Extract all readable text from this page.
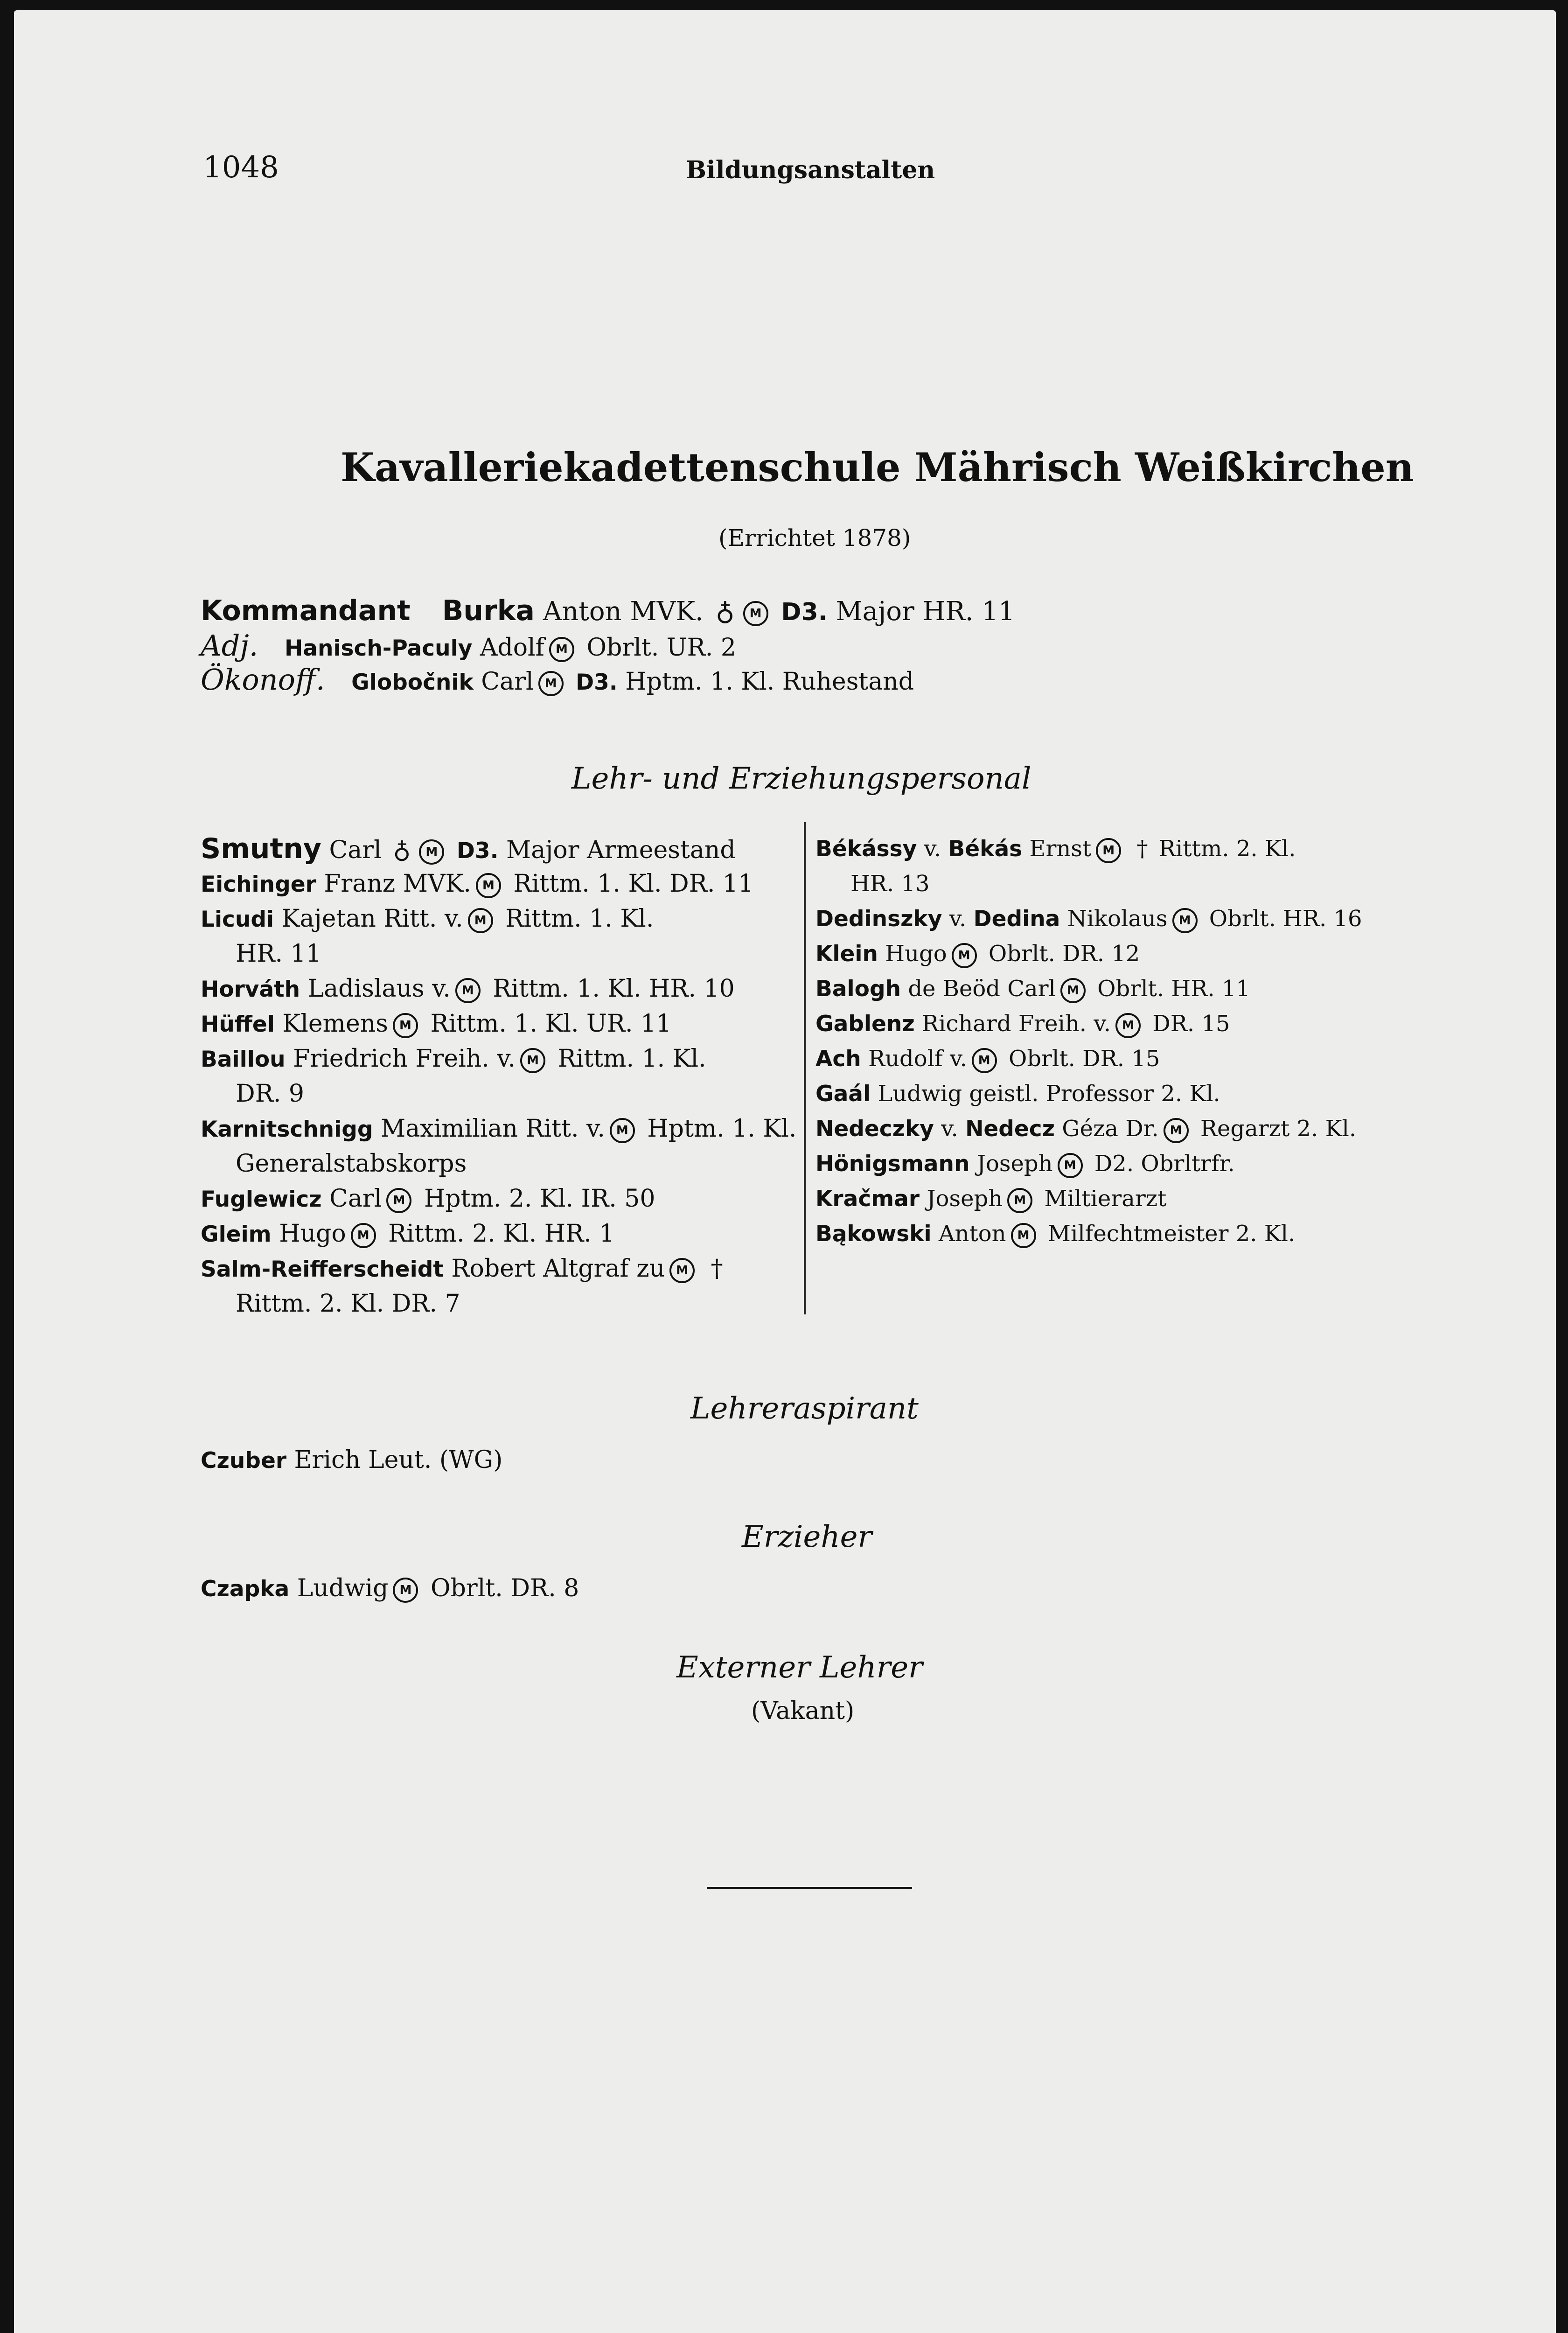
1048	Bildungsanstalten
Kavalleriekadettenschule Mährisch Weißkirchen
(Errichtet 1878)
Kommandant Burka Anton MVK. ♁ M D3. Major HR. 11
Adj. Hanisch-Paculy Adolf M Obrlt. UR. 2
Ökonoff. Globočnik Carl M D3. Hptm. 1. Kl. Ruhestand
Lehr- und Erziehungspersonal
Smutny Carl ♁ M D3. Major Armeestand
Eichinger Franz MVK. M Rittm. 1. Kl. DR. 11
Licudi Kajetan Ritt. v. M Rittm. 1. Kl.
HR. 11
Horváth Ladislaus v. M Rittm. 1. Kl. HR. 10
Hüffel Klemens M Rittm. 1. Kl. UR. 11
Baillou Friedrich Freih. v. M Rittm. 1. Kl.
DR. 9
Karnitschnigg Maximilian Ritt. v. M Hptm. 1. Kl.
Generalstabskorps
Fuglewicz Carl M Hptm. 2. Kl. IR. 50
Gleim Hugo M Rittm. 2. Kl. HR. 1
Salm-Reifferscheidt Robert Altgraf zu M †
Rittm. 2. Kl. DR. 7
Békássy v. Békás Ernst M † Rittm. 2. Kl.
HR. 13
Dedinszky v. Dedina Nikolaus M Obrlt. HR. 16
Klein Hugo M Obrlt. DR. 12
Balogh de Beöd Carl M Obrlt. HR. 11
Gablenz Richard Freih. v. M DR. 15
Ach Rudolf v. M Obrlt. DR. 15
Gaál Ludwig geistl. Professor 2. Kl.
Nedeczky v. Nedecz Géza Dr. M Regarzt 2. Kl.
Hönigsmann Joseph M D2. Obrltrfr.
Kračmar Joseph M Miltierarzt
Bąkowski Anton M Milfechtmeister 2. Kl.
Lehreraspirant
Czuber Erich Leut. (WG)
Erzieher
Czapka Ludwig M Obrlt. DR. 8
Externer Lehrer
(Vakant)
